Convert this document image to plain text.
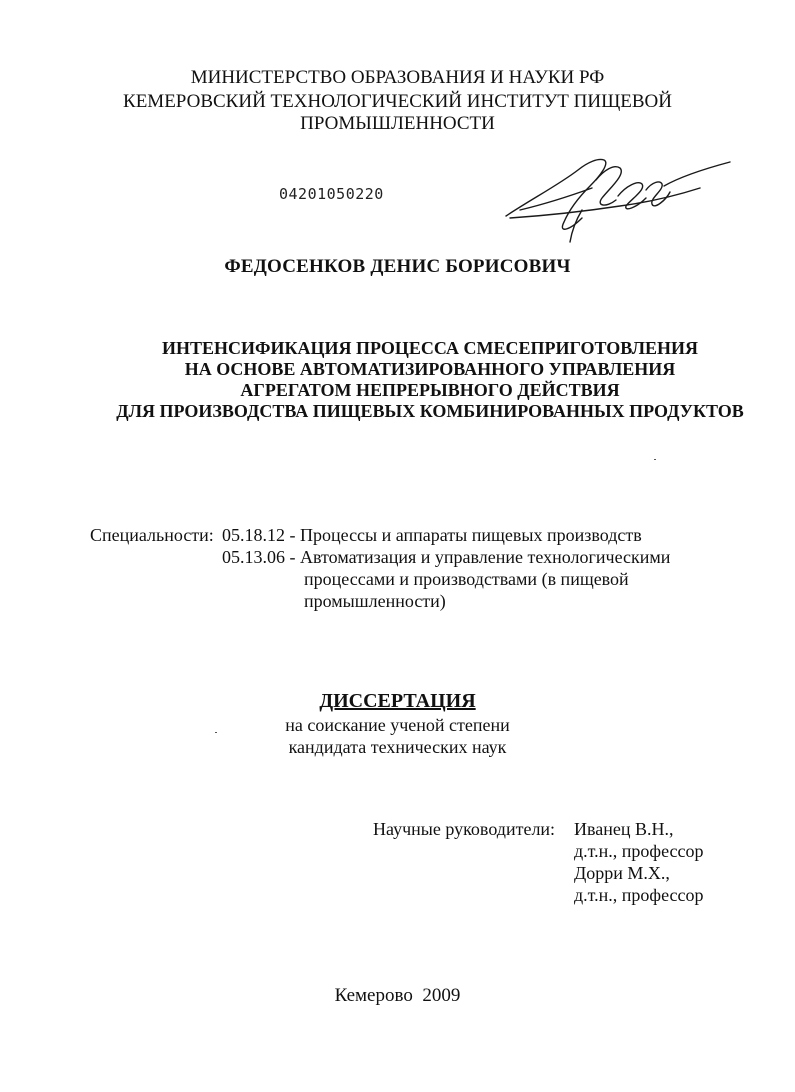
МИНИСТЕРСТВО ОБРАЗОВАНИЯ И НАУКИ РФ
КЕМЕРОВСКИЙ ТЕХНОЛОГИЧЕСКИЙ ИНСТИТУТ ПИЩЕВОЙ
ПРОМЫШЛЕННОСТИ
04201050220
ФЕДОСЕНКОВ ДЕНИС БОРИСОВИЧ
ИНТЕНСИФИКАЦИЯ ПРОЦЕССА СМЕСЕПРИГОТОВЛЕНИЯ
НА ОСНОВЕ АВТОМАТИЗИРОВАННОГО УПРАВЛЕНИЯ
АГРЕГАТОМ НЕПРЕРЫВНОГО ДЕЙСТВИЯ
ДЛЯ ПРОИЗВОДСТВА ПИЩЕВЫХ КОМБИНИРОВАННЫХ ПРОДУКТОВ
Специальности: 05.18.12 - Процессы и аппараты пищевых производств
05.13.06 - Автоматизация и управление технологическими
процессами и производствами (в пищевой
промышленности)
ДИССЕРТАЦИЯ
на соискание ученой степени
кандидата технических наук
Научные руководители: Иванец В.Н.,
д.т.н., профессор
Дорри М.Х.,
д.т.н., профессор
Кемерово  2009
